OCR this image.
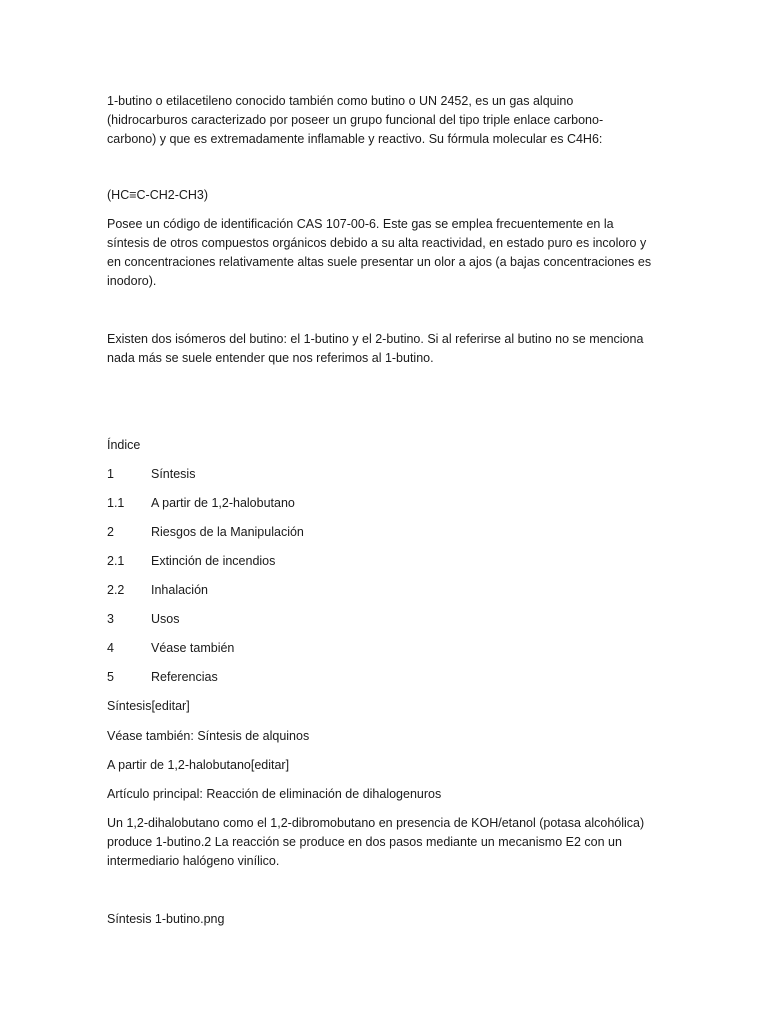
1-butino o etilacetileno conocido también como butino o UN 2452, es un gas alquino (hidrocarburos caracterizado por poseer un grupo funcional del tipo triple enlace carbono-carbono) y que es extremadamente inflamable y reactivo. Su fórmula molecular es C4H6:

(HC≡C-CH2-CH3)

Posee un código de identificación CAS 107-00-6. Este gas se emplea frecuentemente en la síntesis de otros compuestos orgánicos debido a su alta reactividad, en estado puro es incoloro y en concentraciones relativamente altas suele presentar un olor a ajos (a bajas concentraciones es inodoro).

Existen dos isómeros del butino: el 1-butino y el 2-butino. Si al referirse al butino no se menciona nada más se suele entender que nos referimos al 1-butino.

Índice

1	Síntesis
1.1 A partir de 1,2-halobutano
2	Riesgos de la Manipulación
2.1 Extinción de incendios
2.2 Inhalación
3	Usos
4	Véase también
5	Referencias

Síntesis[editar]

Véase también: Síntesis de alquinos

A partir de 1,2-halobutano[editar]

Artículo principal: Reacción de eliminación de dihalogenuros

Un 1,2-dihalobutano como el 1,2-dibromobutano en presencia de KOH/etanol (potasa alcohólica) produce 1-butino.2 La reacción se produce en dos pasos mediante un mecanismo E2 con un intermediario halógeno vinílico.

Síntesis 1-butino.png
